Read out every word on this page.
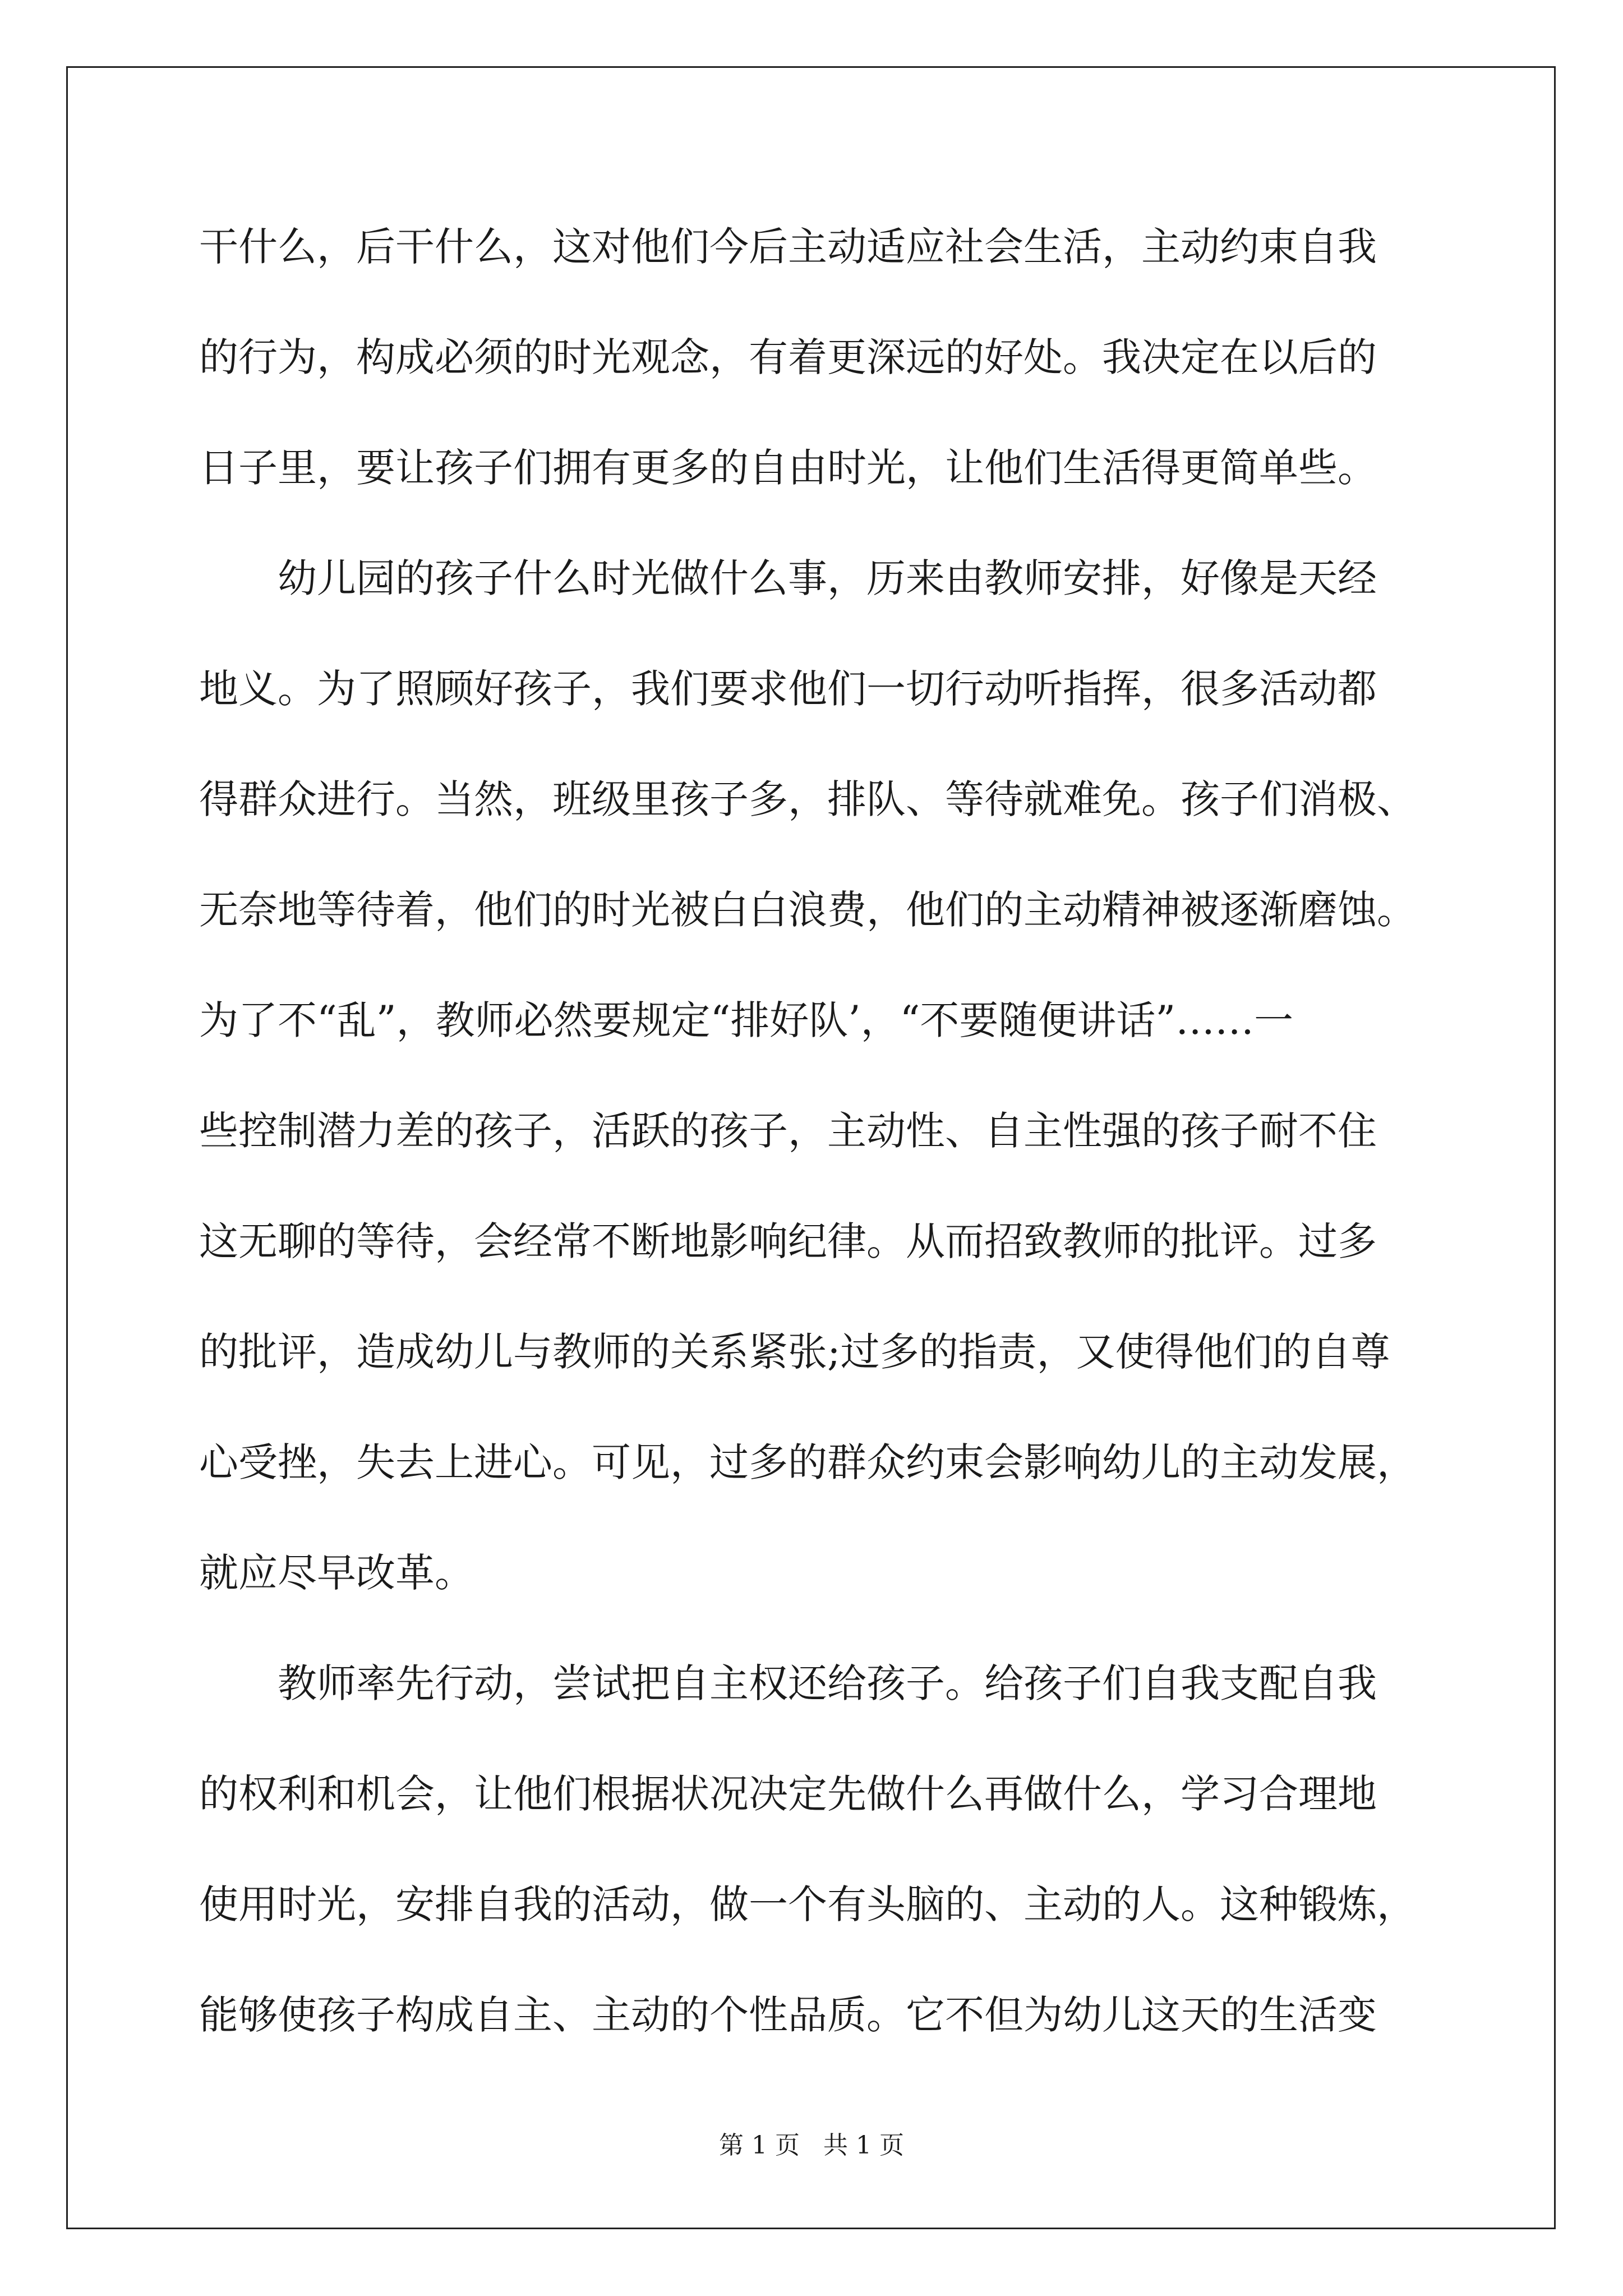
干什么，后干什么，这对他们今后主动适应社会生活，主动约束自我
的行为，构成必须的时光观念，有着更深远的好处。我决定在以后的
日子里，要让孩子们拥有更多的自由时光，让他们生活得更简单些。
幼儿园的孩子什么时光做什么事，历来由教师安排，好像是天经
地义。为了照顾好孩子，我们要求他们一切行动听指挥，很多活动都
得群众进行。当然，班级里孩子多，排队、等待就难免。孩子们消极、
无奈地等待着，他们的时光被白白浪费，他们的主动精神被逐渐磨蚀。
为了不“乱”，教师必然要规定“排好队’，“不要随便讲话”……一
些控制潜力差的孩子，活跃的孩子，主动性、自主性强的孩子耐不住
这无聊的等待，会经常不断地影响纪律。从而招致教师的批评。过多
的批评，造成幼儿与教师的关系紧张;过多的指责，又使得他们的自尊
心受挫，失去上进心。可见，过多的群众约束会影响幼儿的主动发展，
就应尽早改革。
教师率先行动，尝试把自主权还给孩子。给孩子们自我支配自我
的权利和机会，让他们根据状况决定先做什么再做什么，学习合理地
使用时光，安排自我的活动，做一个有头脑的、主动的人。这种锻炼，
能够使孩子构成自主、主动的个性品质。它不但为幼儿这天的生活变
第 1 页   共 1 页
